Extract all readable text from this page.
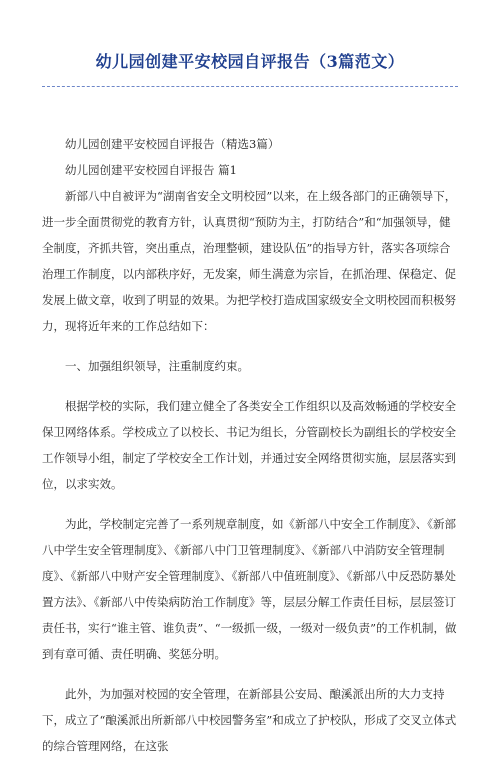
幼儿园创建平安校园自评报告（3篇范文）

幼儿园创建平安校园自评报告（精选3篇）

幼儿园创建平安校园自评报告 篇1

新部八中自被评为“湖南省安全文明校园”以来，在上级各部门的正确领导下，进一步全面贯彻党的教育方针，认真贯彻“预防为主，打防结合”和“加强领导，健全制度，齐抓共管，突出重点，治理整顿，建设队伍”的指导方针，落实各项综合治理工作制度，以内部秩序好，无发案，师生满意为宗旨，在抓治理、保稳定、促发展上做文章，收到了明显的效果。为把学校打造成国家级安全文明校园而积极努力，现将近年来的工作总结如下：

一、加强组织领导，注重制度约束。

根据学校的实际，我们建立健全了各类安全工作组织以及高效畅通的学校安全保卫网络体系。学校成立了以校长、书记为组长，分管副校长为副组长的学校安全工作领导小组，制定了学校安全工作计划，并通过安全网络贯彻实施，层层落实到位，以求实效。

为此，学校制定完善了一系列规章制度，如《新部八中安全工作制度》、《新部八中学生安全管理制度》、《新部八中门卫管理制度》、《新部八中消防安全管理制度》、《新部八中财产安全管理制度》、《新部八中值班制度》、《新部八中反恐防暴处置方法》、《新部八中传染病防治工作制度》等，层层分解工作责任目标，层层签订责任书，实行“谁主管、谁负责”、“一级抓一级，一级对一级负责”的工作机制，做到有章可循、责任明确、奖惩分明。

此外，为加强对校园的安全管理，在新部县公安局、酿溪派出所的大力支持下，成立了“酿溪派出所新部八中校园警务室”和成立了护校队，形成了交叉立体式的综合管理网络，在这张
